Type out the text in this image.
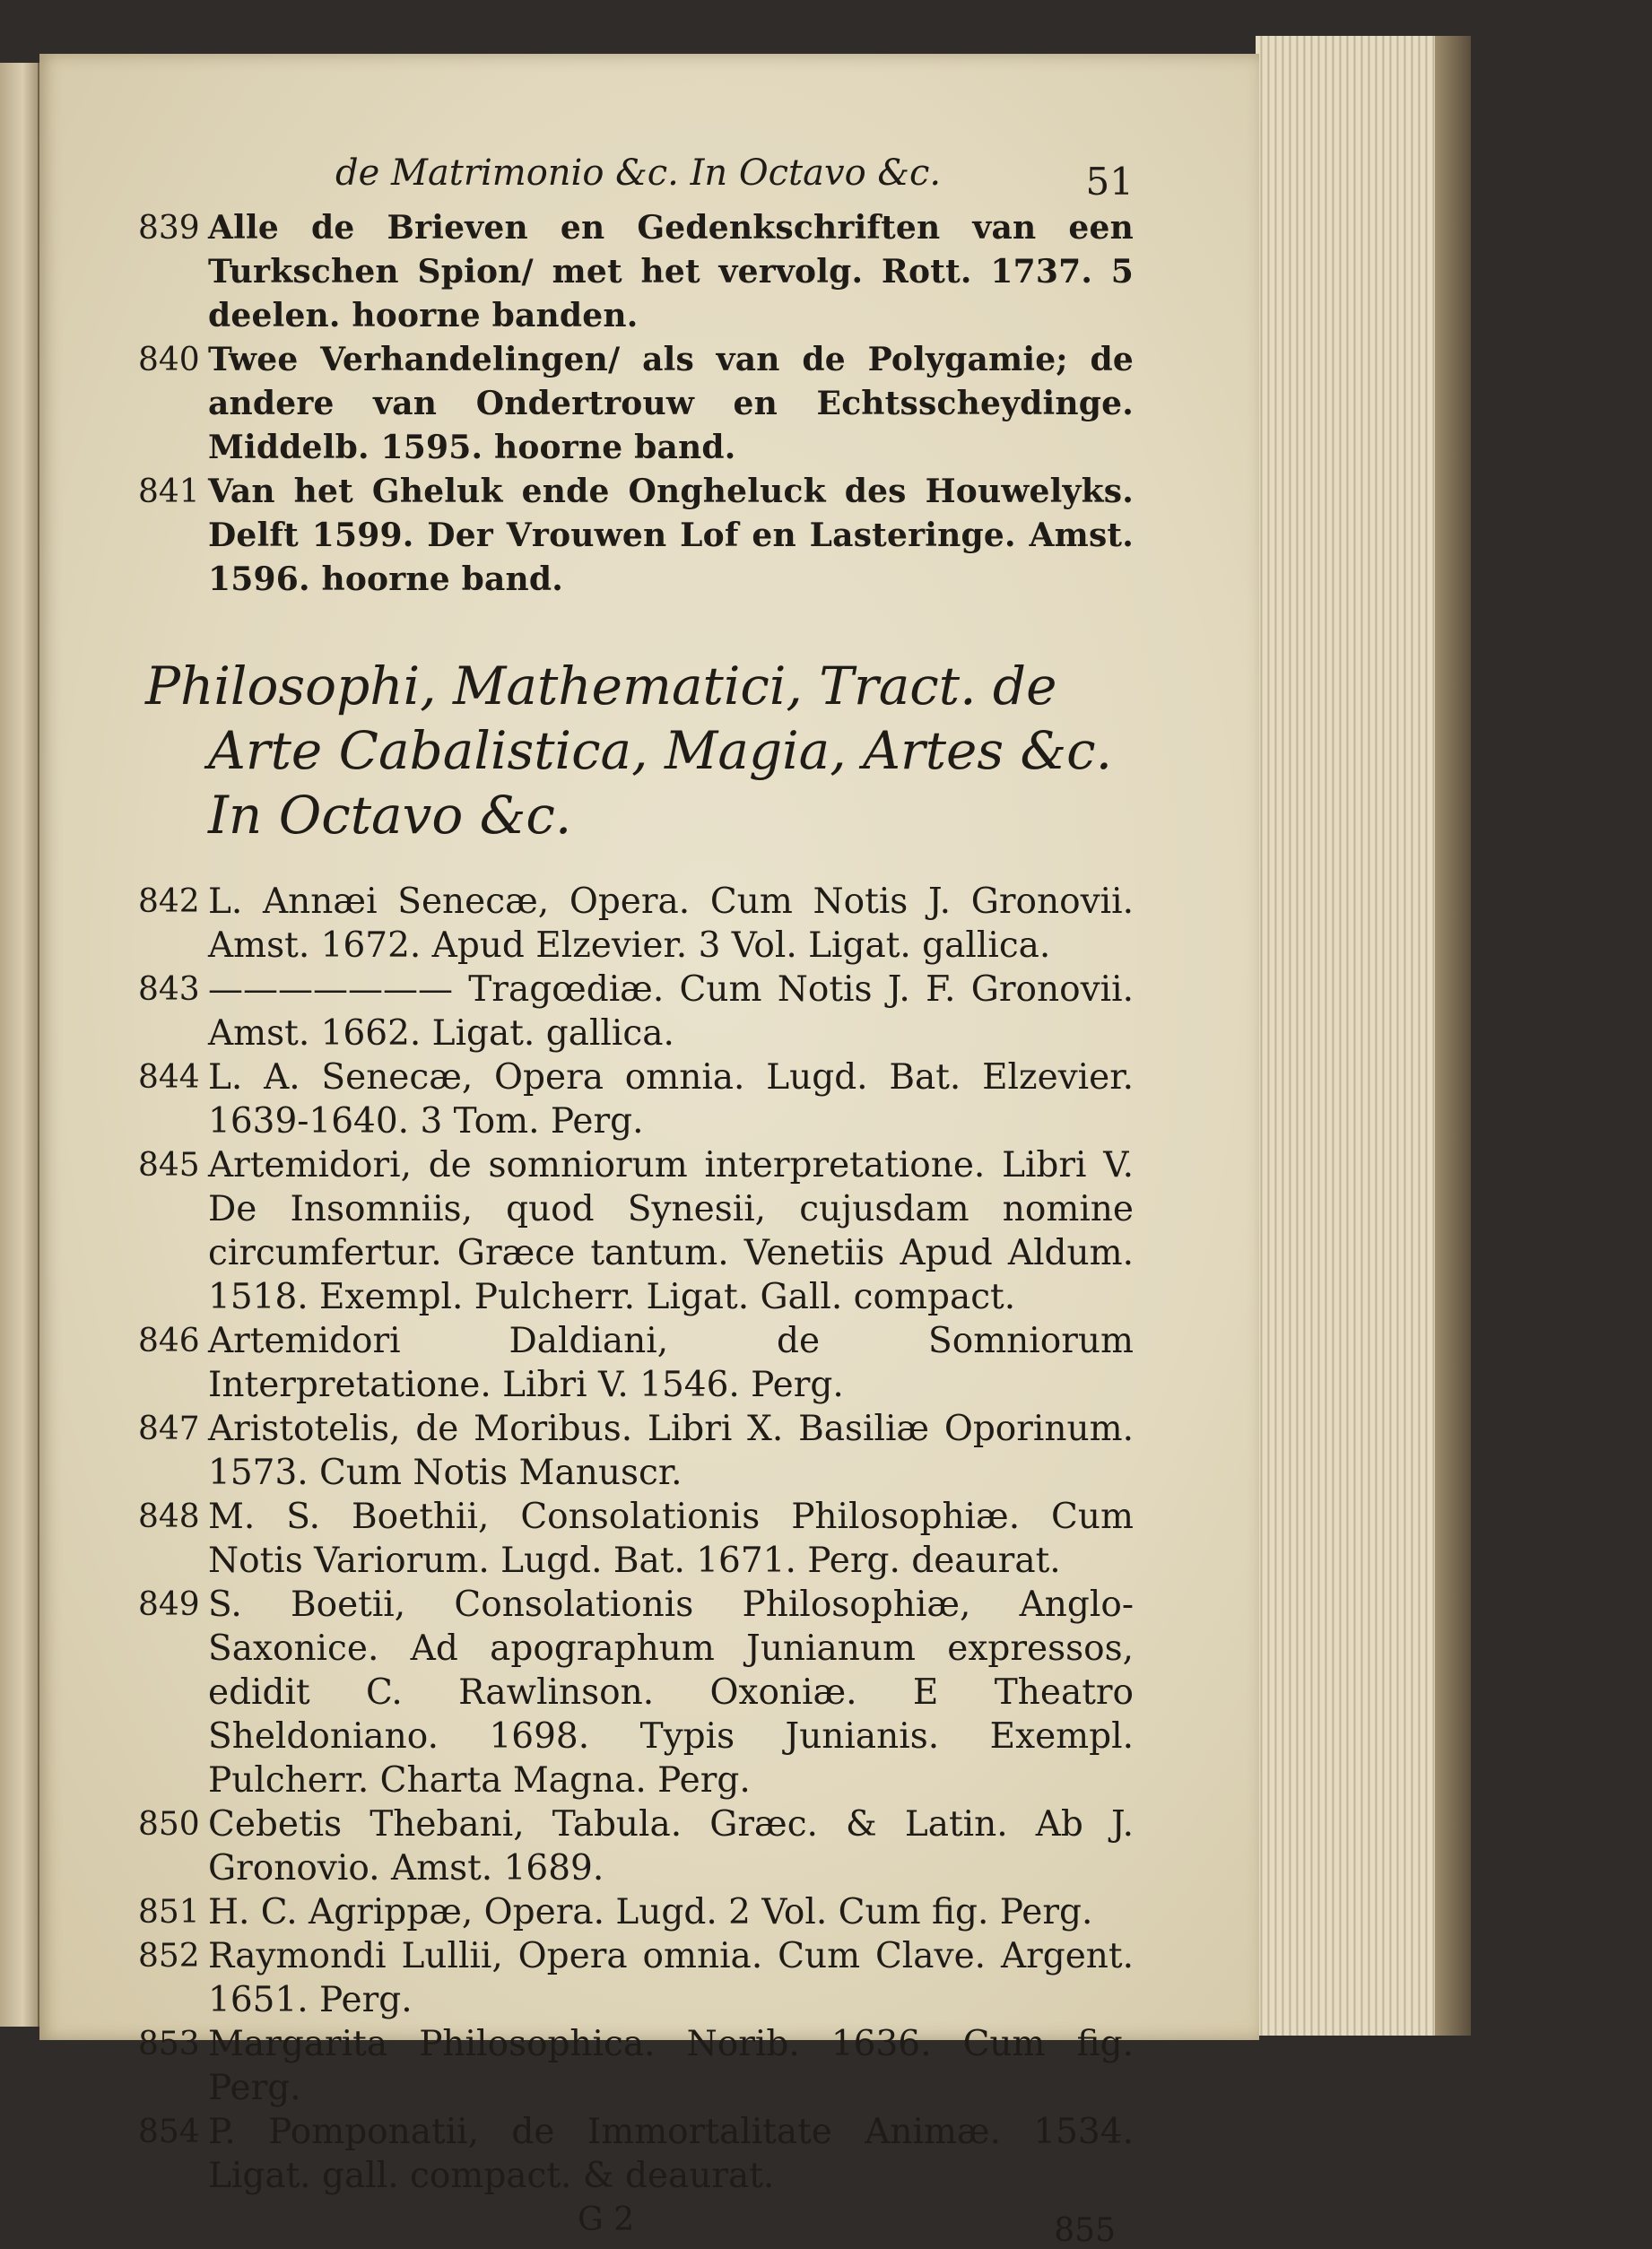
de Matrimonio &c. In Octavo &c.	51
839 Alle de Brieven en Gedenkschriften van een Turkschen Spion/ met het vervolg. Rott. 1737. 5 deelen. hoorne banden.
840 Twee Verhandelingen/ als van de Polygamie; de andere van Ondertrouw en Echtsscheydinge. Middelb. 1595. hoorne band.
841 Van het Gheluk ende Ongheluck des Houwelyks. Delft 1599. Der Vrouwen Lof en Lasteringe. Amst. 1596. hoorne band.
Philosophi, Mathematici, Tract. de Arte Cabalistica, Magia, Artes &c. In Octavo &c.
842 L. Annæi Senecæ, Opera. Cum Notis J. Gronovii. Amst. 1672. Apud Elzevier. 3 Vol. Ligat. gallica.
843 ——————— Tragœdiæ. Cum Notis J. F. Gronovii. Amst. 1662. Ligat. gallica.
844 L. A. Senecæ, Opera omnia. Lugd. Bat. Elzevier. 1639-1640. 3 Tom. Perg.
845 Artemidori, de somniorum interpretatione. Libri V. De Insomniis, quod Synesii, cujusdam nomine circumfertur. Græce tantum. Venetiis Apud Aldum. 1518. Exempl. Pulcherr. Ligat. Gall. compact.
846 Artemidori Daldiani, de Somniorum Interpretatione. Libri V. 1546. Perg.
847 Aristotelis, de Moribus. Libri X. Basiliæ Oporinum. 1573. Cum Notis Manuscr.
848 M. S. Boethii, Consolationis Philosophiæ. Cum Notis Variorum. Lugd. Bat. 1671. Perg. deaurat.
849 S. Boetii, Consolationis Philosophiæ, Anglo-Saxonice. Ad apographum Junianum expressos, edidit C. Rawlinson. Oxoniæ. E Theatro Sheldoniano. 1698. Typis Junianis. Exempl. Pulcherr. Charta Magna. Perg.
850 Cebetis Thebani, Tabula. Græc. & Latin. Ab J. Gronovio. Amst. 1689.
851 H. C. Agrippæ, Opera. Lugd. 2 Vol. Cum fig. Perg.
852 Raymondi Lullii, Opera omnia. Cum Clave. Argent. 1651. Perg.
853 Margarita Philosophica. Norib. 1636. Cum fig. Perg.
854 P. Pomponatii, de Immortalitate Animæ. 1534. Ligat. gall. compact. & deaurat.
G 2	855
